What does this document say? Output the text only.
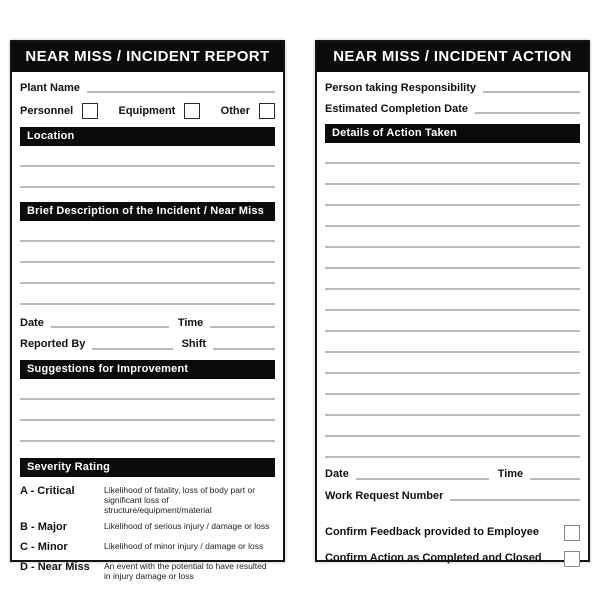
NEAR MISS / INCIDENT REPORT
Plant Name
Personnel	Equipment	Other
Location
Brief Description of the Incident / Near Miss
Date	Time
Reported By	Shift
Suggestions for Improvement
Severity Rating
A - Critical	Likelihood of fatality, loss of body part or significant loss of structure/equipment/material
B - Major	Likelihood of serious injury / damage or loss
C - Minor	Likelihood of minor injury / damage or loss
D - Near Miss	An event with the potential to have resulted in injury damage or loss
NEAR MISS / INCIDENT ACTION
Person taking Responsibility
Estimated Completion Date
Details of Action Taken
Date	Time
Work Request Number
Confirm Feedback provided to Employee
Confirm Action as Completed and Closed
